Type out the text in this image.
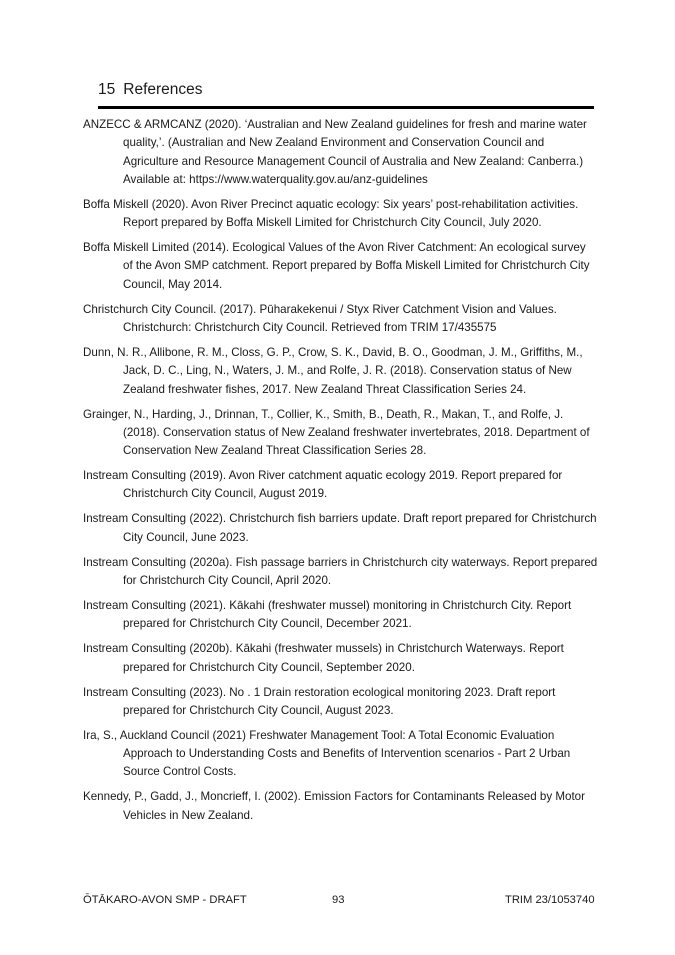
15 References
ANZECC & ARMCANZ (2020). ‘Australian and New Zealand guidelines for fresh and marine water quality,’. (Australian and New Zealand Environment and Conservation Council and Agriculture and Resource Management Council of Australia and New Zealand: Canberra.) Available at: https://www.waterquality.gov.au/anz-guidelines
Boffa Miskell (2020). Avon River Precinct aquatic ecology: Six years’ post-rehabilitation activities. Report prepared by Boffa Miskell Limited for Christchurch City Council, July 2020.
Boffa Miskell Limited (2014). Ecological Values of the Avon River Catchment: An ecological survey of the Avon SMP catchment. Report prepared by Boffa Miskell Limited for Christchurch City Council, May 2014.
Christchurch City Council. (2017). Pūharakekenui / Styx River Catchment Vision and Values. Christchurch: Christchurch City Council. Retrieved from TRIM 17/435575
Dunn, N. R., Allibone, R. M., Closs, G. P., Crow, S. K., David, B. O., Goodman, J. M., Griffiths, M., Jack, D. C., Ling, N., Waters, J. M., and Rolfe, J. R. (2018). Conservation status of New Zealand freshwater fishes, 2017. New Zealand Threat Classification Series 24.
Grainger, N., Harding, J., Drinnan, T., Collier, K., Smith, B., Death, R., Makan, T., and Rolfe, J. (2018). Conservation status of New Zealand freshwater invertebrates, 2018. Department of Conservation New Zealand Threat Classification Series 28.
Instream Consulting (2019). Avon River catchment aquatic ecology 2019. Report prepared for Christchurch City Council, August 2019.
Instream Consulting (2022). Christchurch fish barriers update. Draft report prepared for Christchurch City Council, June 2023.
Instream Consulting (2020a). Fish passage barriers in Christchurch city waterways. Report prepared for Christchurch City Council, April 2020.
Instream Consulting (2021). Kākahi (freshwater mussel) monitoring in Christchurch City. Report prepared for Christchurch City Council, December 2021.
Instream Consulting (2020b). Kākahi (freshwater mussels) in Christchurch Waterways. Report prepared for Christchurch City Council, September 2020.
Instream Consulting (2023). No . 1 Drain restoration ecological monitoring 2023. Draft report prepared for Christchurch City Council, August 2023.
Ira, S., Auckland Council (2021) Freshwater Management Tool: A Total Economic Evaluation Approach to Understanding Costs and Benefits of Intervention scenarios - Part 2 Urban Source Control Costs.
Kennedy, P., Gadd, J., Moncrieff, I. (2002). Emission Factors for Contaminants Released by Motor Vehicles in New Zealand.
ŌTĀKARO-AVON SMP - DRAFT	93	TRIM 23/1053740
